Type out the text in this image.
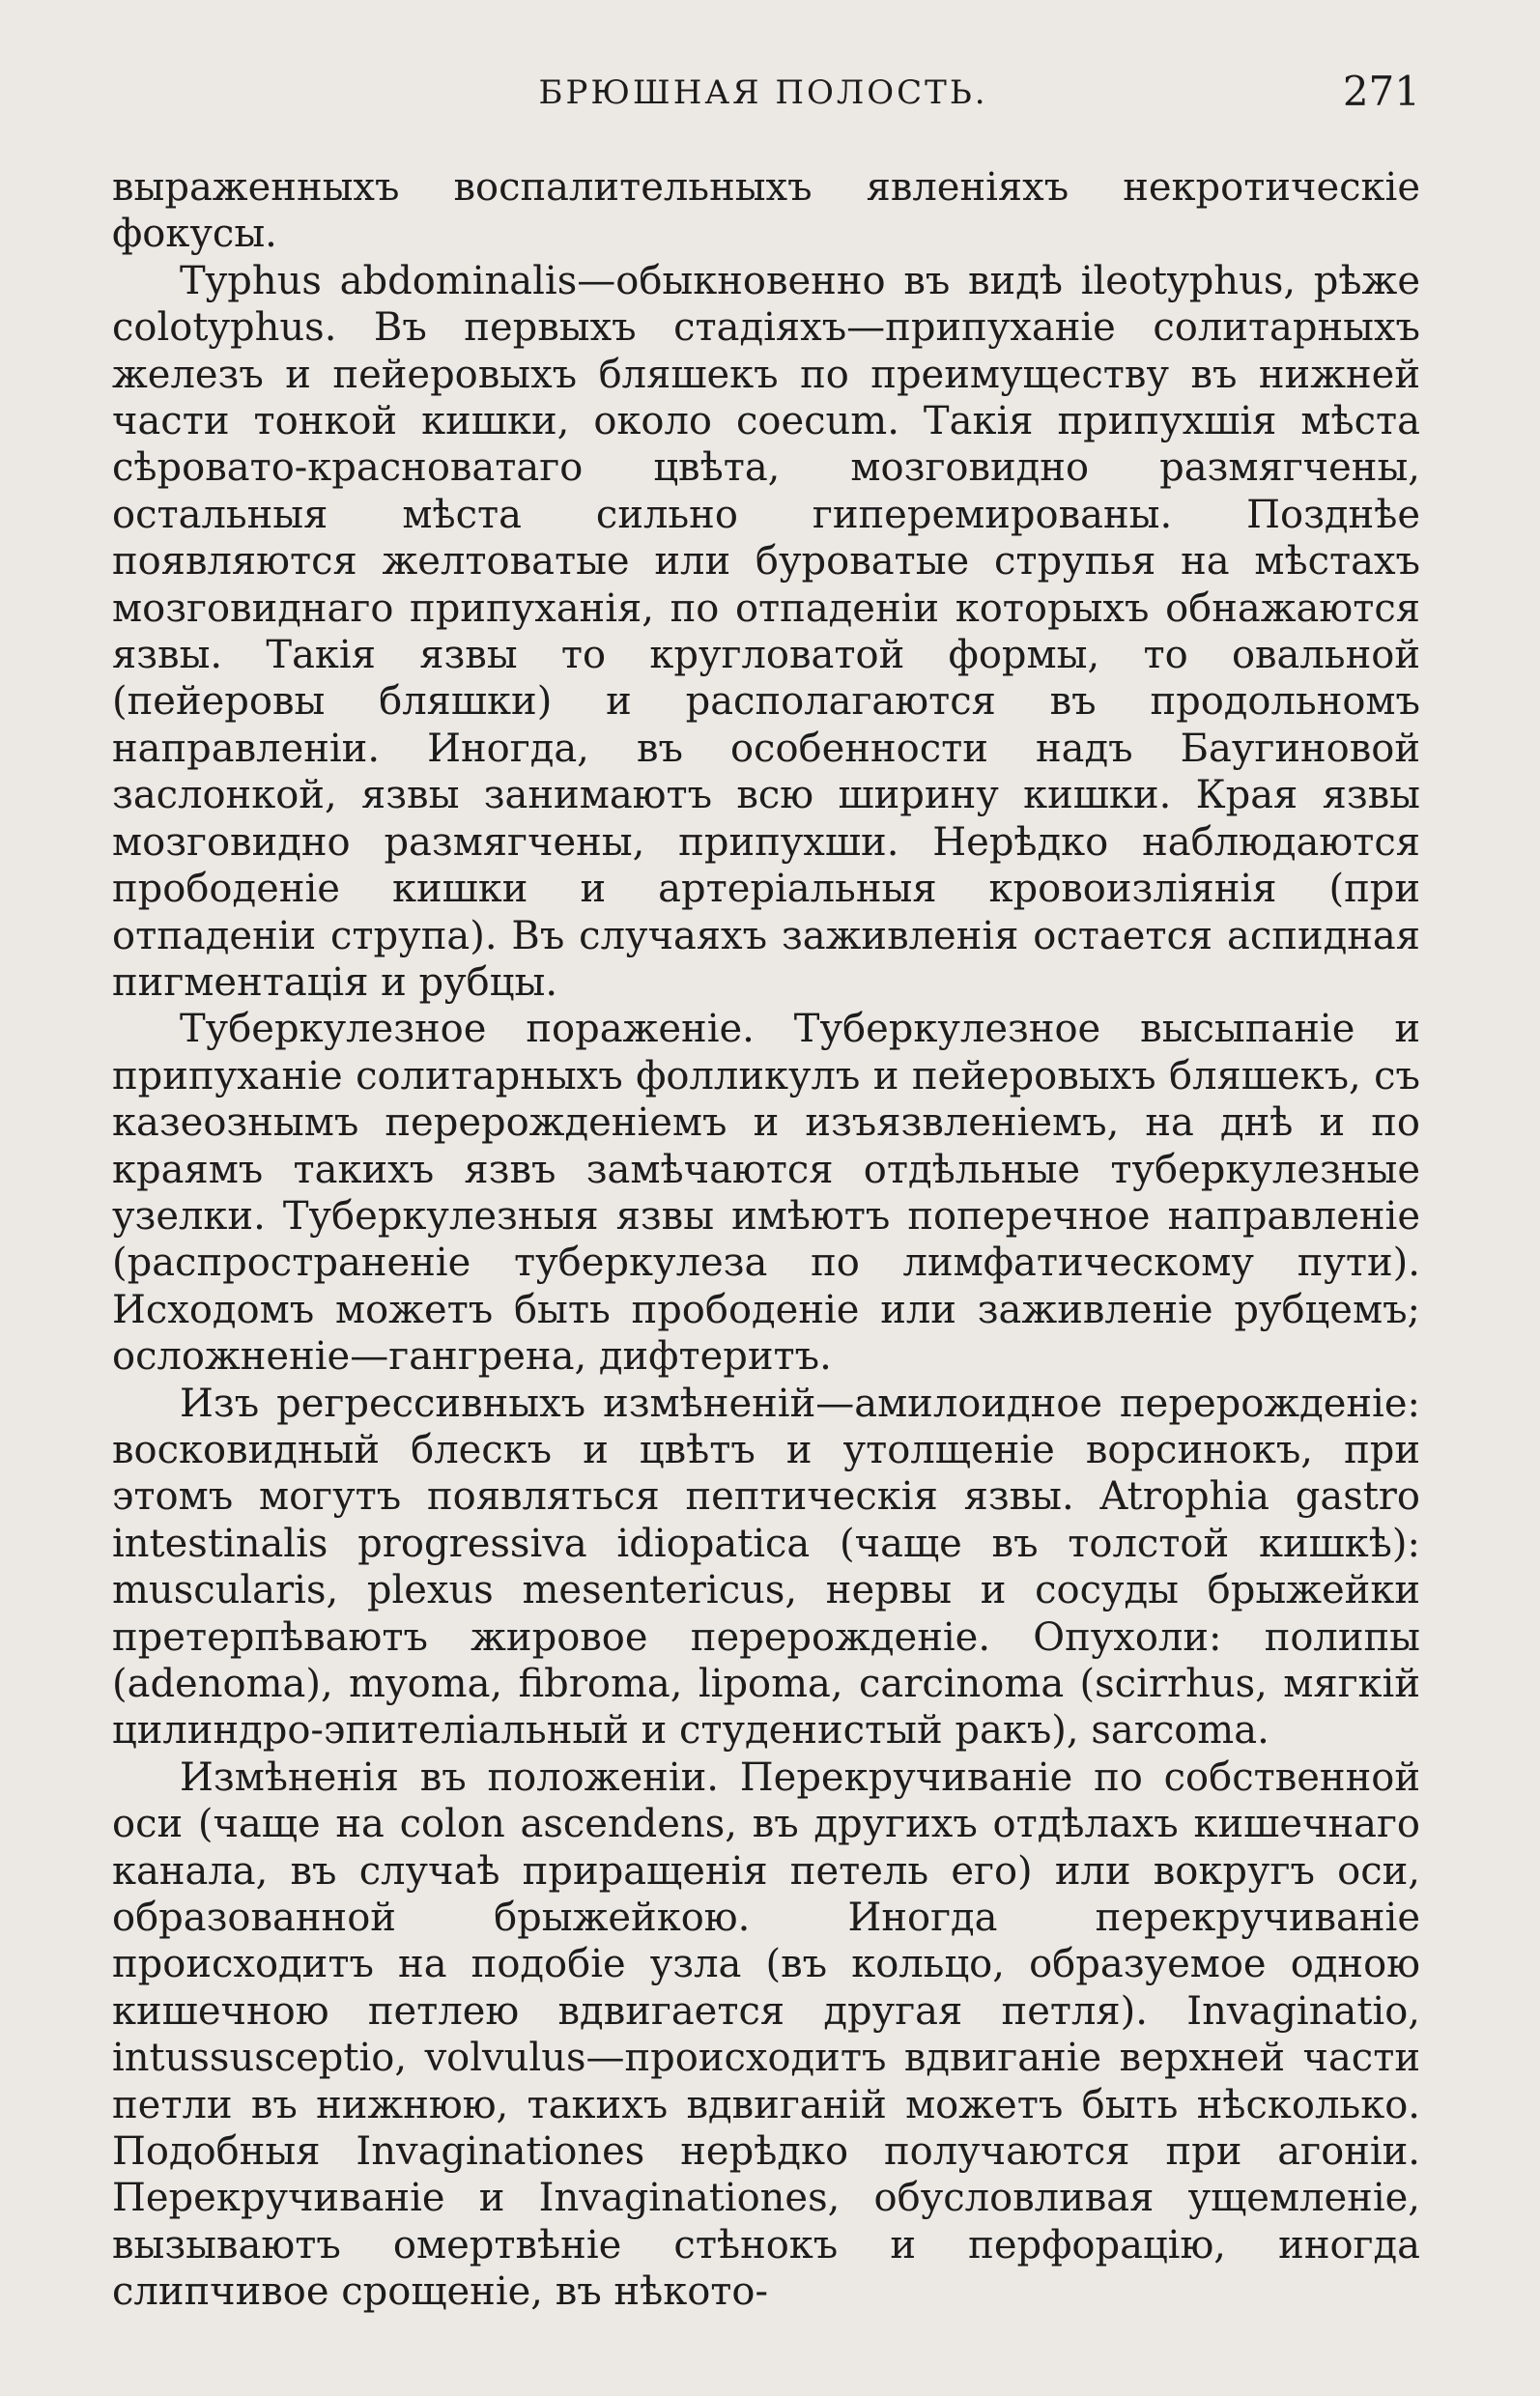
БРЮШНАЯ ПОЛОСТЬ.	271

выраженныхъ воспалительныхъ явленіяхъ некротическіе фокусы.

Typhus abdominalis—обыкновенно въ видѣ ileotyphus, рѣже colotyphus. Въ первыхъ стадіяхъ—припуханіе солитарныхъ железъ и пейеровыхъ бляшекъ по преимуществу въ нижней части тонкой кишки, около coecum. Такія припухшія мѣста сѣровато-красноватаго цвѣта, мозговидно размягчены, остальныя мѣста сильно гиперемированы. Позднѣе появляются желтоватые или буроватые струпья на мѣстахъ мозговиднаго припуханія, по отпаденіи которыхъ обнажаются язвы. Такія язвы то кругловатой формы, то овальной (пейеровы бляшки) и располагаются въ продольномъ направленіи. Иногда, въ особенности надъ Баугиновой заслонкой, язвы занимаютъ всю ширину кишки. Края язвы мозговидно размягчены, припухши. Нерѣдко наблюдаются прободеніе кишки и артеріальныя кровоизліянія (при отпаденіи струпа). Въ случаяхъ заживленія остается аспидная пигментація и рубцы.

Туберкулезное пораженіе. Туберкулезное высыпаніе и припуханіе солитарныхъ фолликулъ и пейеровыхъ бляшекъ, съ казеознымъ перерожденіемъ и изъязвленіемъ, на днѣ и по краямъ такихъ язвъ замѣчаются отдѣльные туберкулезные узелки. Туберкулезныя язвы имѣютъ поперечное направленіе (распространеніе туберкулеза по лимфатическому пути). Исходомъ можетъ быть прободеніе или заживленіе рубцемъ; осложненіе—гангрена, дифтеритъ.

Изъ регрессивныхъ измѣненій—амилоидное перерожденіе: восковидный блескъ и цвѣтъ и утолщеніе ворсинокъ, при этомъ могутъ появляться пептическія язвы. Atrophia gastro intestinalis progressiva idiopatica (чаще въ толстой кишкѣ): muscularis, plexus mesentericus, нервы и сосуды брыжейки претерпѣваютъ жировое перерожденіе. Опухоли: полипы (adenoma), myoma, fibroma, lipoma, carcinoma (scirrhus, мягкій цилиндро-эпителіальный и студенистый ракъ), sarcoma.

Измѣненія въ положеніи. Перекручиваніе по собственной оси (чаще на colon ascendens, въ другихъ отдѣлахъ кишечнаго канала, въ случаѣ приращенія петель его) или вокругъ оси, образованной брыжейкою. Иногда перекручиваніе происходитъ на подобіе узла (въ кольцо, образуемое одною кишечною петлею вдвигается другая петля). Invaginatio, intussusceptio, volvulus—происходитъ вдвиганіе верхней части петли въ нижнюю, такихъ вдвиганій можетъ быть нѣсколько. Подобныя Invaginationes нерѣдко получаются при агоніи. Перекручиваніе и Invaginationes, обусловливая ущемленіе, вызываютъ омертвѣніе стѣнокъ и перфорацію, иногда слипчивое срощеніе, въ нѣкото-
